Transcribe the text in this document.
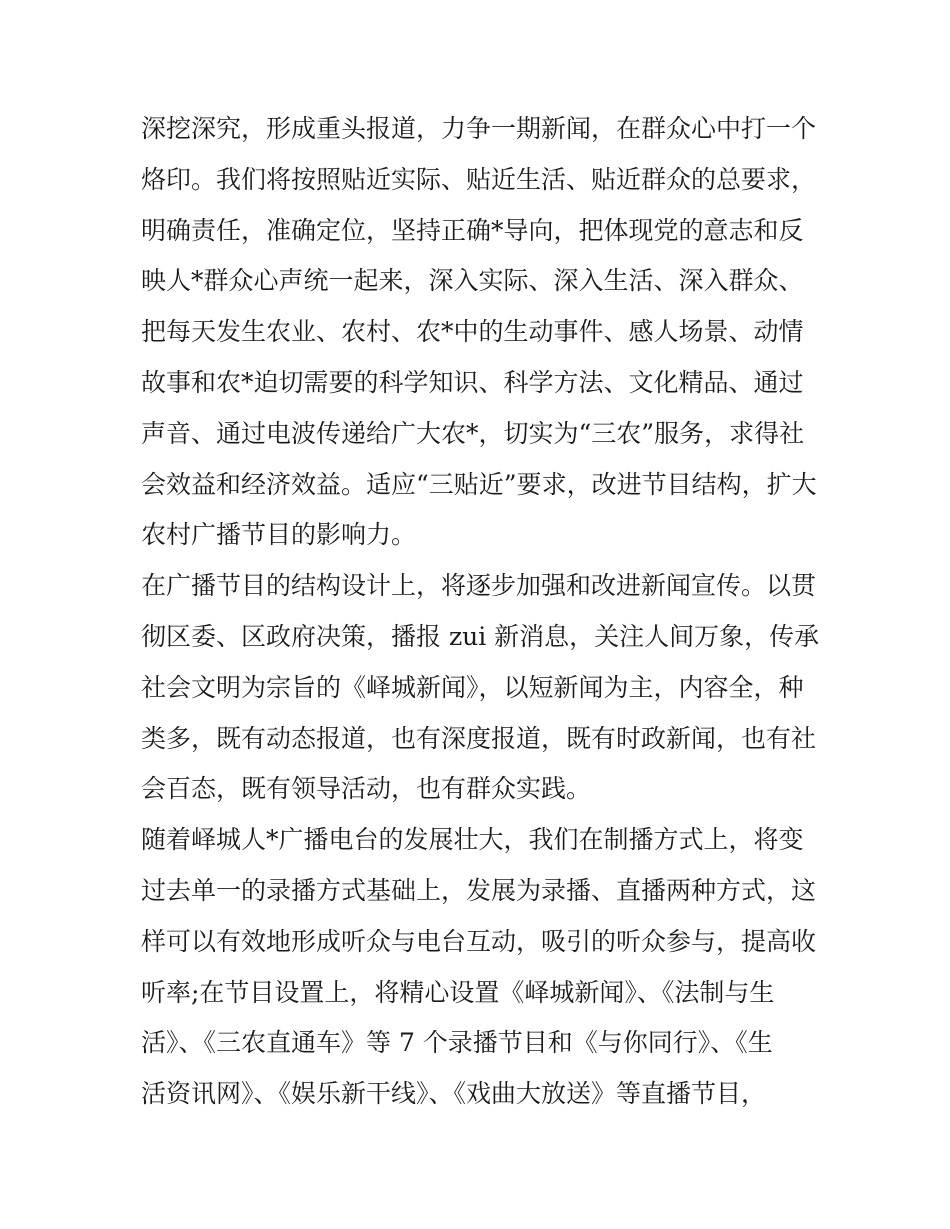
深挖深究，形成重头报道，力争一期新闻，在群众心中打一个
烙印。我们将按照贴近实际、贴近生活、贴近群众的总要求，
明确责任，准确定位，坚持正确*导向，把体现党的意志和反
映人*群众心声统一起来，深入实际、深入生活、深入群众、
把每天发生农业、农村、农*中的生动事件、感人场景、动情
故事和农*迫切需要的科学知识、科学方法、文化精品、通过
声音、通过电波传递给广大农*，切实为“三农”服务，求得社
会效益和经济效益。适应“三贴近”要求，改进节目结构，扩大
农村广播节目的影响力。
在广播节目的结构设计上，将逐步加强和改进新闻宣传。以贯
彻区委、区政府决策，播报 zui 新消息，关注人间万象，传承
社会文明为宗旨的《峄城新闻》，以短新闻为主，内容全，种
类多，既有动态报道，也有深度报道，既有时政新闻，也有社
会百态，既有领导活动，也有群众实践。
随着峄城人*广播电台的发展壮大，我们在制播方式上，将变
过去单一的录播方式基础上，发展为录播、直播两种方式，这
样可以有效地形成听众与电台互动，吸引的听众参与，提高收
听率;在节目设置上，将精心设置《峄城新闻》、《法制与生
活》、《三农直通车》等 7 个录播节目和《与你同行》、《生
活资讯网》、《娱乐新干线》、《戏曲大放送》等直播节目，
